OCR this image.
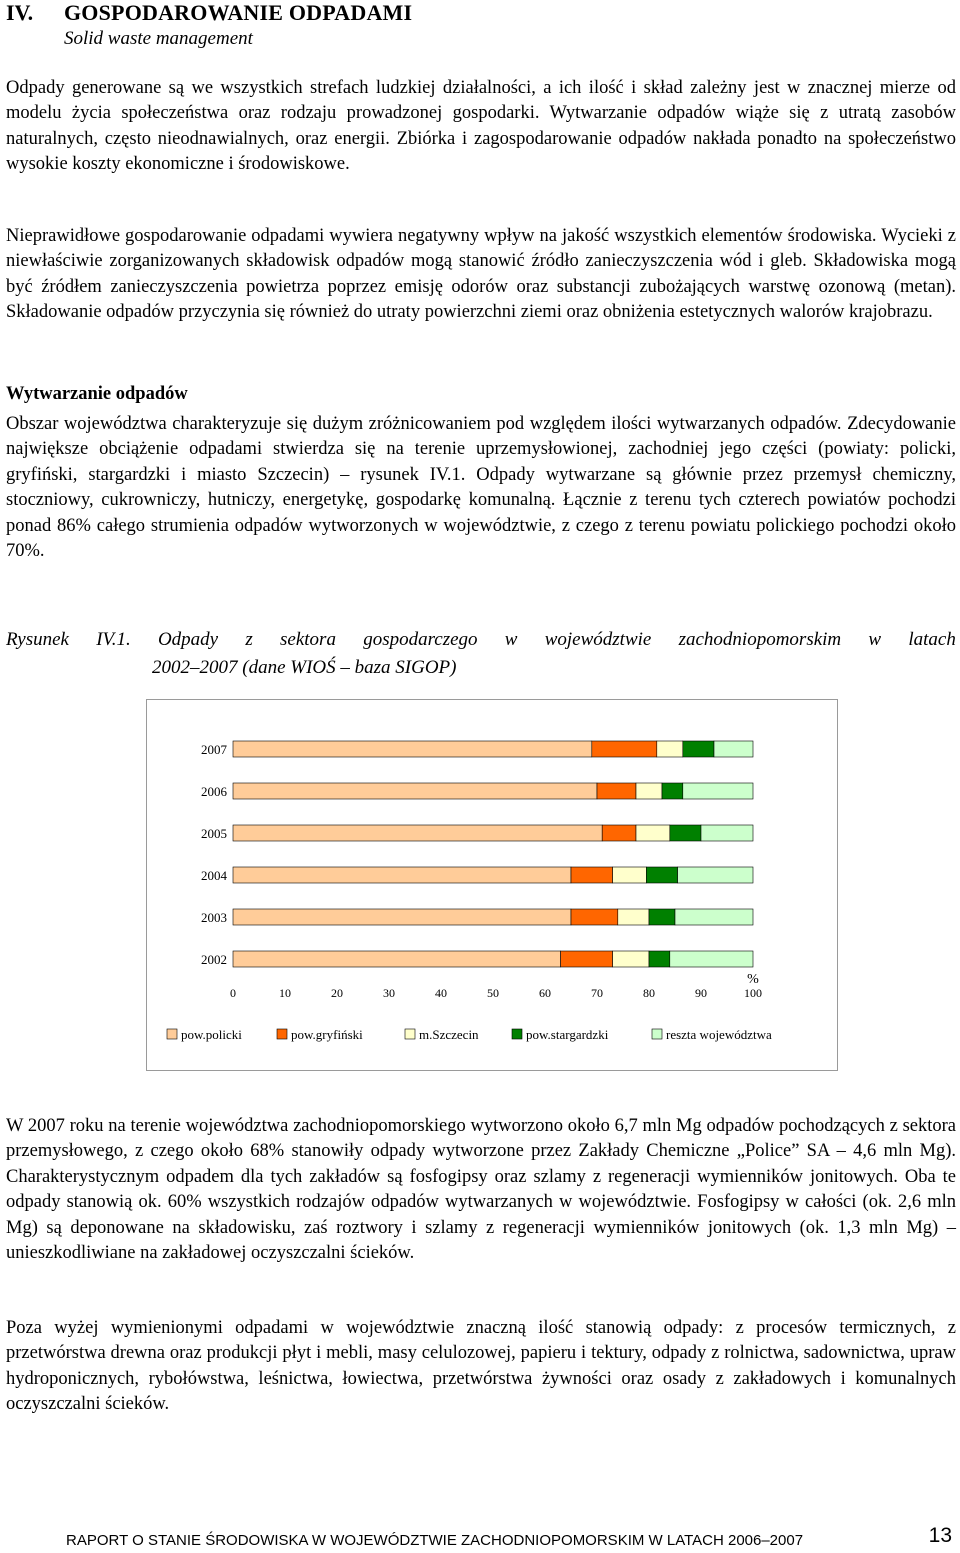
IV. GOSPODAROWANIE ODPADAMI
Solid waste management

Odpady generowane są we wszystkich strefach ludzkiej działalności, a ich ilość i skład zależny jest w znacznej mierze od modelu życia społeczeństwa oraz rodzaju prowadzonej gospodarki. Wytwarzanie odpadów wiąże się z utratą zasobów naturalnych, często nieodnawialnych, oraz energii. Zbiórka i zagospodarowanie odpadów nakłada ponadto na społeczeństwo wysokie koszty ekonomiczne i środowiskowe.

Nieprawidłowe gospodarowanie odpadami wywiera negatywny wpływ na jakość wszystkich elementów środowiska. Wycieki z niewłaściwie zorganizowanych składowisk odpadów mogą stanowić źródło zanieczyszczenia wód i gleb. Składowiska mogą być źródłem zanieczyszczenia powietrza poprzez emisję odorów oraz substancji zubożających warstwę ozonową (metan). Składowanie odpadów przyczynia się również do utraty powierzchni ziemi oraz obniżenia estetycznych walorów krajobrazu.

Wytwarzanie odpadów

Obszar województwa charakteryzuje się dużym zróżnicowaniem pod względem ilości wytwarzanych odpadów. Zdecydowanie największe obciążenie odpadami stwierdza się na terenie uprzemysłowionej, zachodniej jego części (powiaty: policki, gryfiński, stargardzki i miasto Szczecin) – rysunek IV.1. Odpady wytwarzane są głównie przez przemysł chemiczny, stoczniowy, cukrowniczy, hutniczy, energetykę, gospodarkę komunalną. Łącznie z terenu tych czterech powiatów pochodzi ponad 86% całego strumienia odpadów wytworzonych w województwie, z czego z terenu powiatu polickiego pochodzi około 70%.

Rysunek IV.1. Odpady z sektora gospodarczego w województwie zachodniopomorskim w latach
2002–2007 (dane WIOŚ – baza SIGOP)
2007
2006
2005
2004
2003
2002
0	10	20	30	40	50	60	70	80	90	100
%
pow.policki	pow.gryfiński	m.Szczecin	pow.stargardzki	reszta województwa

W 2007 roku na terenie województwa zachodniopomorskiego wytworzono około 6,7 mln Mg odpadów pochodzących z sektora przemysłowego, z czego około 68% stanowiły odpady wytworzone przez Zakłady Chemiczne „Police” SA – 4,6 mln Mg). Charakterystycznym odpadem dla tych zakładów są fosfogipsy oraz szlamy z regeneracji wymienników jonitowych. Oba te odpady stanowią ok. 60% wszystkich rodzajów odpadów wytwarzanych w województwie. Fosfogipsy w całości (ok. 2,6 mln Mg) są deponowane na składowisku, zaś roztwory i szlamy z regeneracji wymienników jonitowych (ok. 1,3 mln Mg) – unieszkodliwiane na zakładowej oczyszczalni ścieków.

Poza wyżej wymienionymi odpadami w województwie znaczną ilość stanowią odpady: z procesów termicznych, z przetwórstwa drewna oraz produkcji płyt i mebli, masy celulozowej, papieru i tektury, odpady z rolnictwa, sadownictwa, upraw hydroponicznych, rybołówstwa, leśnictwa, łowiectwa, przetwórstwa żywności oraz osady z zakładowych i komunalnych oczyszczalni ścieków.

RAPORT O STANIE ŚRODOWISKA W WOJEWÓDZTWIE ZACHODNIOPOMORSKIM W LATACH 2006–2007	13
